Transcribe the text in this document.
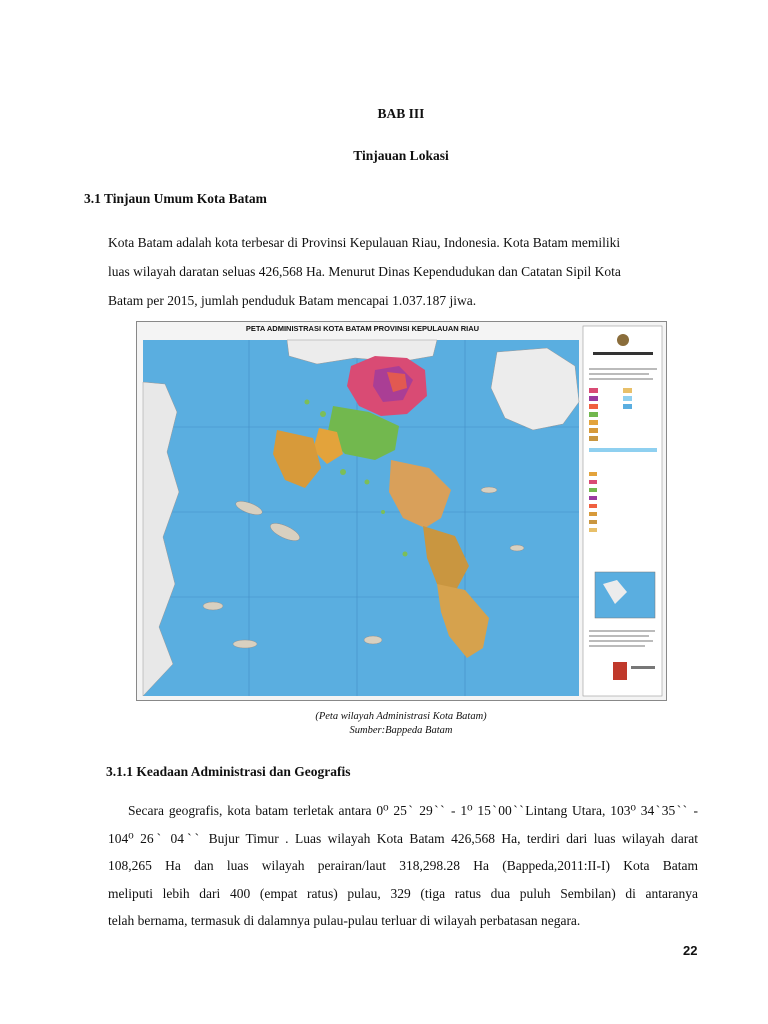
BAB III
Tinjauan Lokasi
3.1 Tinjaun Umum Kota Batam
Kota Batam adalah kota terbesar di Provinsi Kepulauan Riau, Indonesia. Kota Batam memiliki
luas wilayah daratan seluas 426,568 Ha. Menurut Dinas Kependudukan dan Catatan Sipil Kota
Batam per 2015, jumlah penduduk Batam mencapai 1.037.187 jiwa.
PETA ADMINISTRASI KOTA BATAM PROVINSI KEPULAUAN RIAU
(Peta wilayah Administrasi Kota Batam)
Sumber:Bappeda Batam
3.1.1 Keadaan Administrasi dan Geografis
Secara geografis, kota batam terletak antara 0⁰ 25ˋ 29ˋˋ - 1⁰ 15ˋ00ˋˋLintang Utara, 103⁰ 34ˋ35ˋˋ -
104⁰ 26ˋ 04ˋˋ Bujur Timur . Luas wilayah Kota Batam 426,568 Ha, terdiri dari luas wilayah darat
108,265 Ha dan luas wilayah perairan/laut 318,298.28 Ha (Bappeda,2011:II-I) Kota Batam
meliputi lebih dari 400 (empat ratus) pulau, 329 (tiga ratus dua puluh Sembilan) di antaranya
telah bernama, termasuk di dalamnya pulau-pulau terluar di wilayah perbatasan negara.
22
